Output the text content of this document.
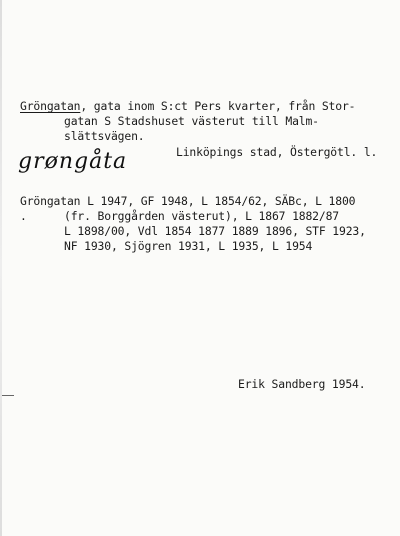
Gröngatan, gata inom S:ct Pers kvarter, från Stor-
gatan S Stadshuset västerut till Malm-
slättsvägen.
Linköpings stad, Östergötl. l.
grøngåta
Gröngatan L 1947, GF 1948, L 1854/62, SÄBc, L 1800
.	(fr. Borggården västerut), L 1867 1882/87
L 1898/00, Vdl 1854 1877 1889 1896, STF 1923,
NF 1930, Sjögren 1931, L 1935, L 1954
Erik Sandberg 1954.
